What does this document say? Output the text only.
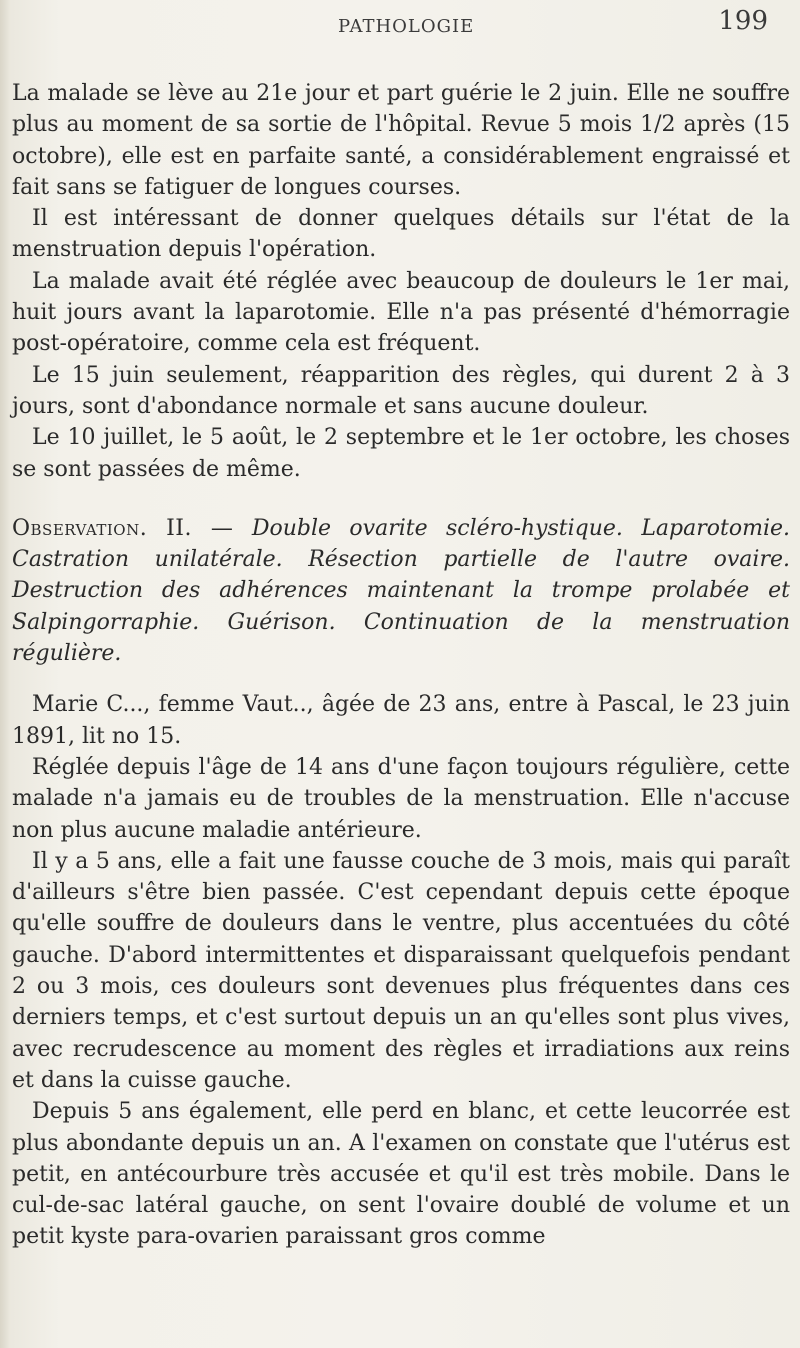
PATHOLOGIE	199

La malade se lève au 21e jour et part guérie le 2 juin. Elle ne souffre plus au moment de sa sortie de l'hôpital. Revue 5 mois 1/2 après (15 octobre), elle est en parfaite santé, a considérablement engraissé et fait sans se fatiguer de longues courses.

Il est intéressant de donner quelques détails sur l'état de la menstruation depuis l'opération.

La malade avait été réglée avec beaucoup de douleurs le 1er mai, huit jours avant la laparotomie. Elle n'a pas présenté d'hémorragie post-opératoire, comme cela est fréquent.

Le 15 juin seulement, réapparition des règles, qui durent 2 à 3 jours, sont d'abondance normale et sans aucune douleur.

Le 10 juillet, le 5 août, le 2 septembre et le 1er octobre, les choses se sont passées de même.

Observation. II. — Double ovarite scléro-hystique. Laparotomie. Castration unilatérale. Résection partielle de l'autre ovaire. Destruction des adhérences maintenant la trompe prolabée et Salpingorraphie. Guérison. Continuation de la menstruation régulière.

Marie C..., femme Vaut.., âgée de 23 ans, entre à Pascal, le 23 juin 1891, lit no 15.

Réglée depuis l'âge de 14 ans d'une façon toujours régulière, cette malade n'a jamais eu de troubles de la menstruation. Elle n'accuse non plus aucune maladie antérieure.

Il y a 5 ans, elle a fait une fausse couche de 3 mois, mais qui paraît d'ailleurs s'être bien passée. C'est cependant depuis cette époque qu'elle souffre de douleurs dans le ventre, plus accentuées du côté gauche. D'abord intermittentes et disparaissant quelquefois pendant 2 ou 3 mois, ces douleurs sont devenues plus fréquentes dans ces derniers temps, et c'est surtout depuis un an qu'elles sont plus vives, avec recrudescence au moment des règles et irradiations aux reins et dans la cuisse gauche.

Depuis 5 ans également, elle perd en blanc, et cette leucorrée est plus abondante depuis un an. A l'examen on constate que l'utérus est petit, en antécourbure très accusée et qu'il est très mobile. Dans le cul-de-sac latéral gauche, on sent l'ovaire doublé de volume et un petit kyste para-ovarien paraissant gros comme
